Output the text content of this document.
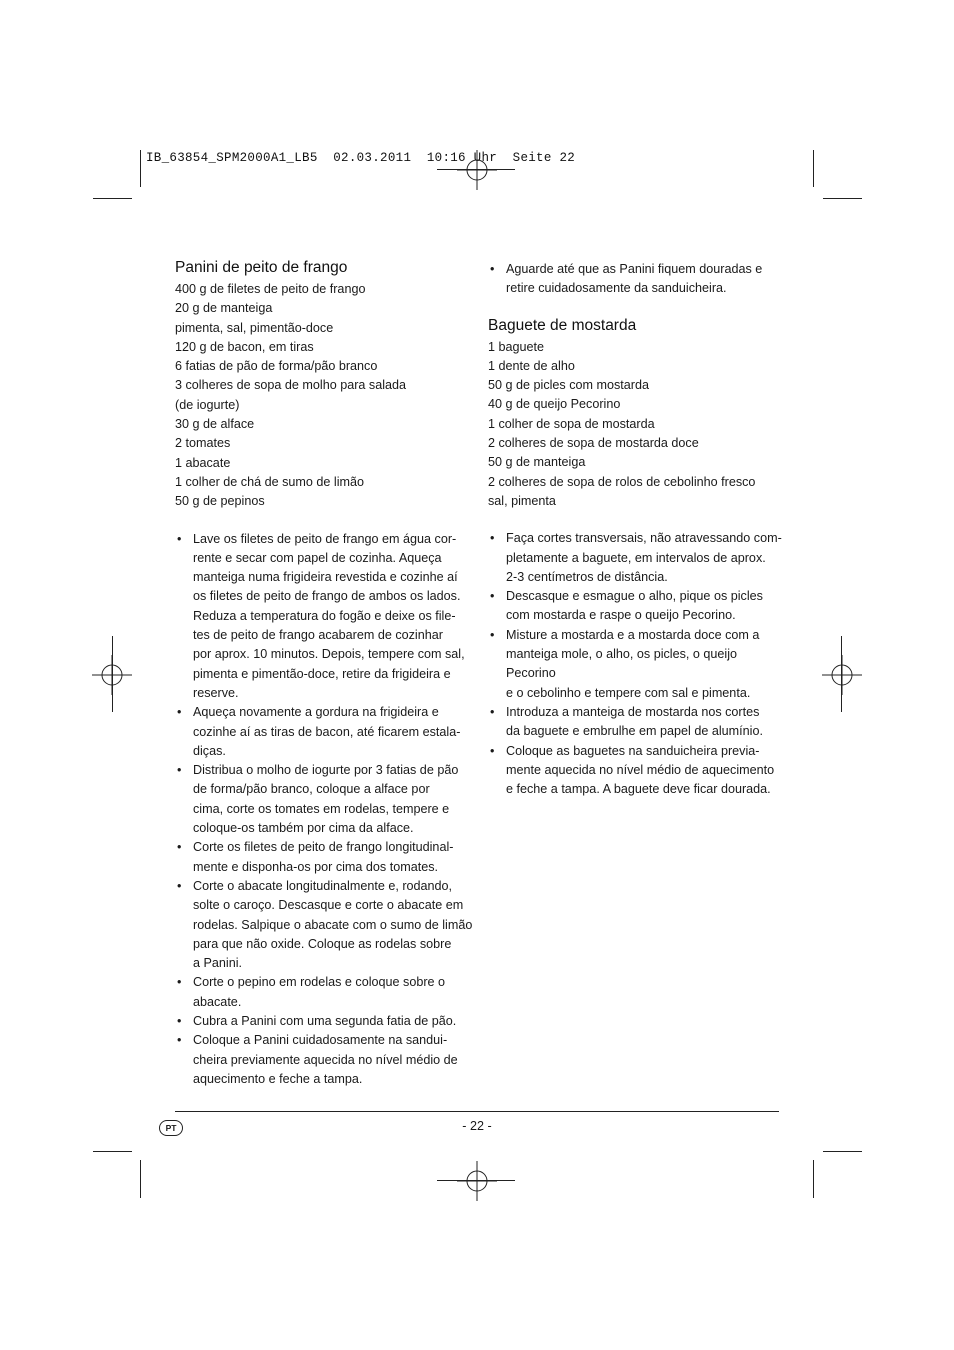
IB_63854_SPM2000A1_LB5  02.03.2011  10:16 Uhr  Seite 22
Panini de peito de frango
400 g de filetes de peito de frango
20 g de manteiga
pimenta, sal, pimentão-doce
120 g de bacon, em tiras
6 fatias de pão de forma/pão branco
3 colheres de sopa de molho para salada
(de iogurte)
30 g de alface
2 tomates
1 abacate
1 colher de chá de sumo de limão
50 g de pepinos
• Lave os filetes de peito de frango em água cor-
rente e secar com papel de cozinha. Aqueça
manteiga numa frigideira revestida e cozinhe aí
os filetes de peito de frango de ambos os lados.
Reduza a temperatura do fogão e deixe os file-
tes de peito de frango acabarem de cozinhar
por aprox. 10 minutos. Depois, tempere com sal,
pimenta e pimentão-doce, retire da frigideira e
reserve.
• Aqueça novamente a gordura na frigideira e
cozinhe aí as tiras de bacon, até ficarem estala-
diças.
• Distribua o molho de iogurte por 3 fatias de pão
de forma/pão branco, coloque a alface por
cima, corte os tomates em rodelas, tempere e
coloque-os também por cima da alface.
• Corte os filetes de peito de frango longitudinal-
mente e disponha-os por cima dos tomates.
• Corte o abacate longitudinalmente e, rodando,
solte o caroço. Descasque e corte o abacate em
rodelas. Salpique o abacate com o sumo de limão
para que não oxide. Coloque as rodelas sobre
a Panini.
• Corte o pepino em rodelas e coloque sobre o
abacate.
• Cubra a Panini com uma segunda fatia de pão.
• Coloque a Panini cuidadosamente na sandui-
cheira previamente aquecida no nível médio de
aquecimento e feche a tampa.
• Aguarde até que as Panini fiquem douradas e
retire cuidadosamente da sanduicheira.
Baguete de mostarda
1 baguete
1 dente de alho
50 g de picles com mostarda
40 g de queijo Pecorino
1 colher de sopa de mostarda
2 colheres de sopa de mostarda doce
50 g de manteiga
2 colheres de sopa de rolos de cebolinho fresco
sal, pimenta
• Faça cortes transversais, não atravessando com-
pletamente a baguete, em intervalos de aprox.
2-3 centímetros de distância.
• Descasque e esmague o alho, pique os picles
com mostarda e raspe o queijo Pecorino.
• Misture a mostarda e a mostarda doce com a
manteiga mole, o alho, os picles, o queijo Pecorino
e o cebolinho e tempere com sal e pimenta.
• Introduza a manteiga de mostarda nos cortes
da baguete e embrulhe em papel de alumínio.
• Coloque as baguetes na sanduicheira previa-
mente aquecida no nível médio de aquecimento
e feche a tampa. A baguete deve ficar dourada.
PT	- 22 -
